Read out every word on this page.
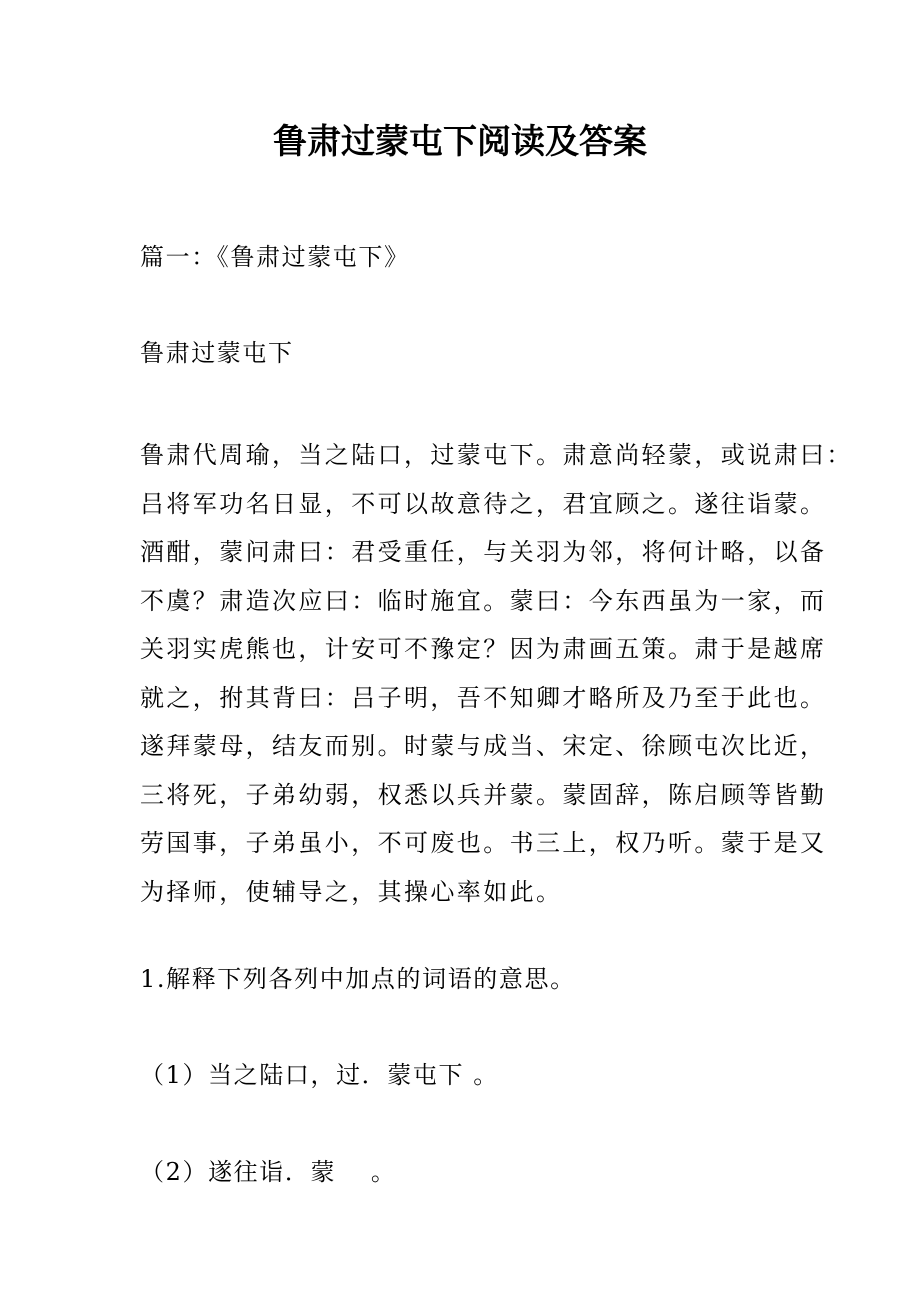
鲁肃过蒙屯下阅读及答案

篇一：《鲁肃过蒙屯下》

鲁肃过蒙屯下

鲁肃代周瑜，当之陆口，过蒙屯下。肃意尚轻蒙，或说肃曰：
吕将军功名日显，不可以故意待之，君宜顾之。遂往诣蒙。
酒酣，蒙问肃曰：君受重任，与关羽为邻，将何计略，以备
不虞？肃造次应曰：临时施宜。蒙曰：今东西虽为一家，而
关羽实虎熊也，计安可不豫定？因为肃画五策。肃于是越席
就之，拊其背曰：吕子明，吾不知卿才略所及乃至于此也。
遂拜蒙母，结友而别。时蒙与成当、宋定、徐顾屯次比近，
三将死，子弟幼弱，权悉以兵并蒙。蒙固辞，陈启顾等皆勤
劳国事，子弟虽小，不可废也。书三上，权乃听。蒙于是又
为择师，使辅导之，其操心率如此。

1.解释下列各列中加点的词语的意思。

（1）当之陆口，过．蒙屯下 。

（2）遂往诣．蒙　 。
